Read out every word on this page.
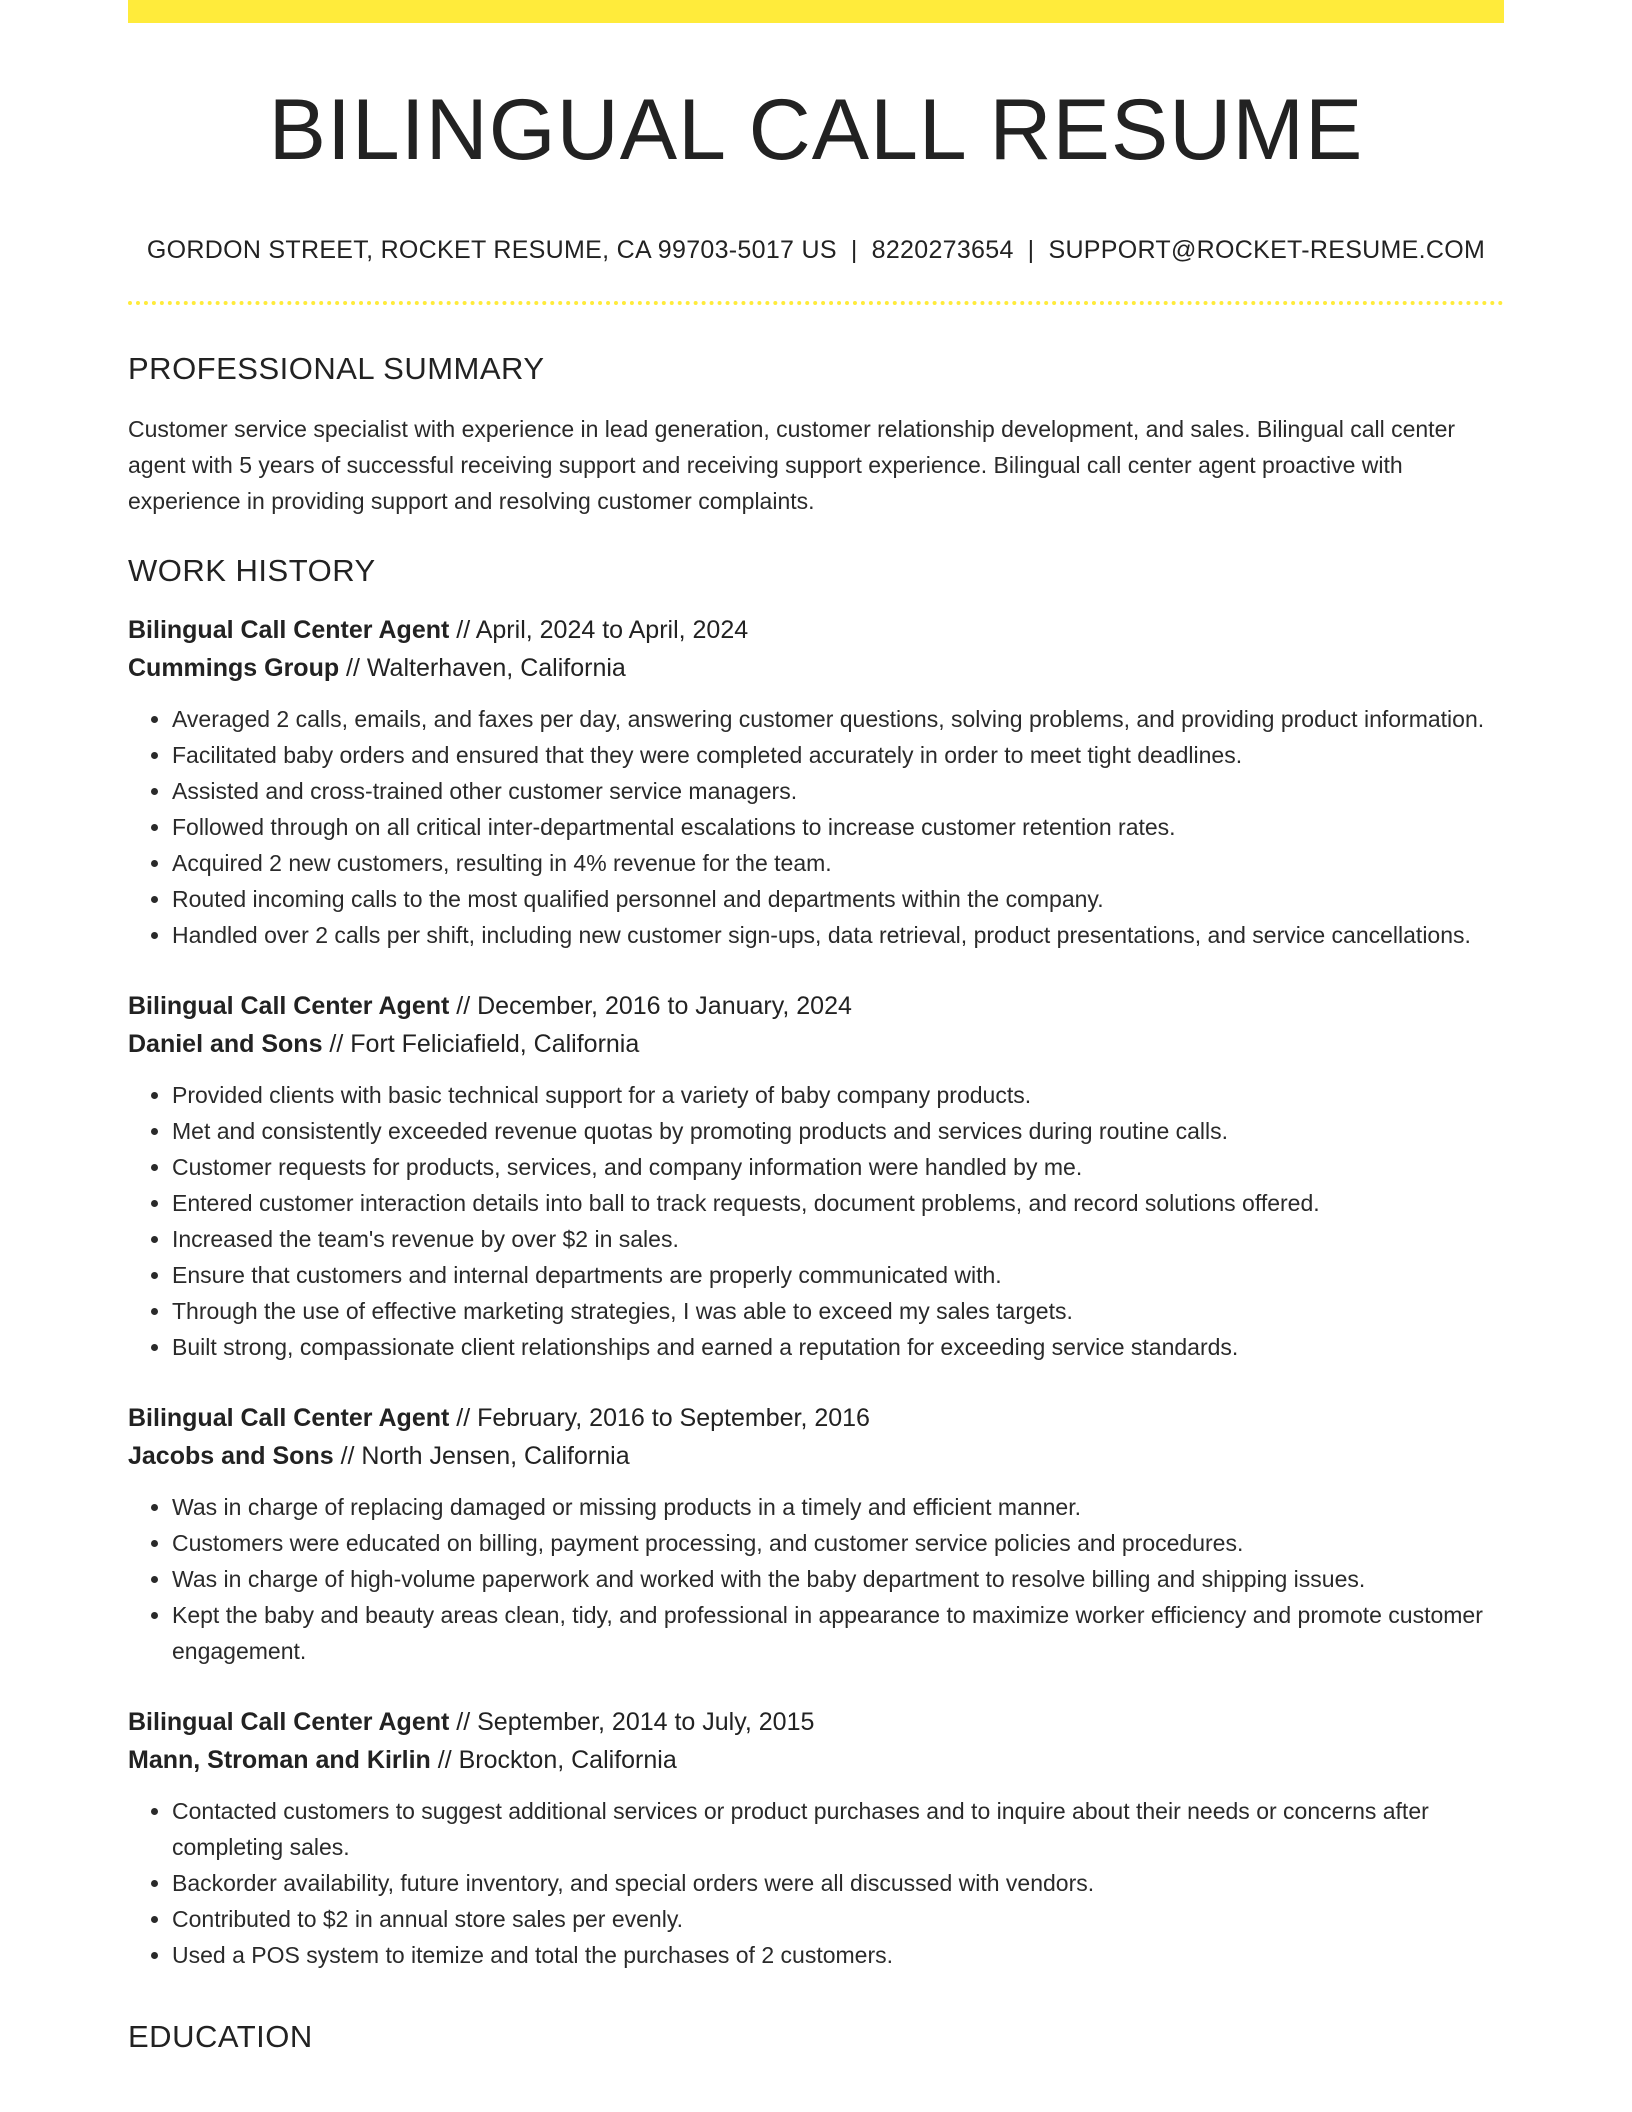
BILINGUAL CALL RESUME
GORDON STREET, ROCKET RESUME, CA 99703-5017 US | 8220273654 | SUPPORT@ROCKET-RESUME.COM
PROFESSIONAL SUMMARY
Customer service specialist with experience in lead generation, customer relationship development, and sales. Bilingual call center agent with 5 years of successful receiving support and receiving support experience. Bilingual call center agent proactive with experience in providing support and resolving customer complaints.
WORK HISTORY
Bilingual Call Center Agent // April, 2024 to April, 2024
Cummings Group // Walterhaven, California
• Averaged 2 calls, emails, and faxes per day, answering customer questions, solving problems, and providing product information.
• Facilitated baby orders and ensured that they were completed accurately in order to meet tight deadlines.
• Assisted and cross-trained other customer service managers.
• Followed through on all critical inter-departmental escalations to increase customer retention rates.
• Acquired 2 new customers, resulting in 4% revenue for the team.
• Routed incoming calls to the most qualified personnel and departments within the company.
• Handled over 2 calls per shift, including new customer sign-ups, data retrieval, product presentations, and service cancellations.
Bilingual Call Center Agent // December, 2016 to January, 2024
Daniel and Sons // Fort Feliciafield, California
• Provided clients with basic technical support for a variety of baby company products.
• Met and consistently exceeded revenue quotas by promoting products and services during routine calls.
• Customer requests for products, services, and company information were handled by me.
• Entered customer interaction details into ball to track requests, document problems, and record solutions offered.
• Increased the team's revenue by over $2 in sales.
• Ensure that customers and internal departments are properly communicated with.
• Through the use of effective marketing strategies, I was able to exceed my sales targets.
• Built strong, compassionate client relationships and earned a reputation for exceeding service standards.
Bilingual Call Center Agent // February, 2016 to September, 2016
Jacobs and Sons // North Jensen, California
• Was in charge of replacing damaged or missing products in a timely and efficient manner.
• Customers were educated on billing, payment processing, and customer service policies and procedures.
• Was in charge of high-volume paperwork and worked with the baby department to resolve billing and shipping issues.
• Kept the baby and beauty areas clean, tidy, and professional in appearance to maximize worker efficiency and promote customer engagement.
Bilingual Call Center Agent // September, 2014 to July, 2015
Mann, Stroman and Kirlin // Brockton, California
• Contacted customers to suggest additional services or product purchases and to inquire about their needs or concerns after completing sales.
• Backorder availability, future inventory, and special orders were all discussed with vendors.
• Contributed to $2 in annual store sales per evenly.
• Used a POS system to itemize and total the purchases of 2 customers.
EDUCATION
